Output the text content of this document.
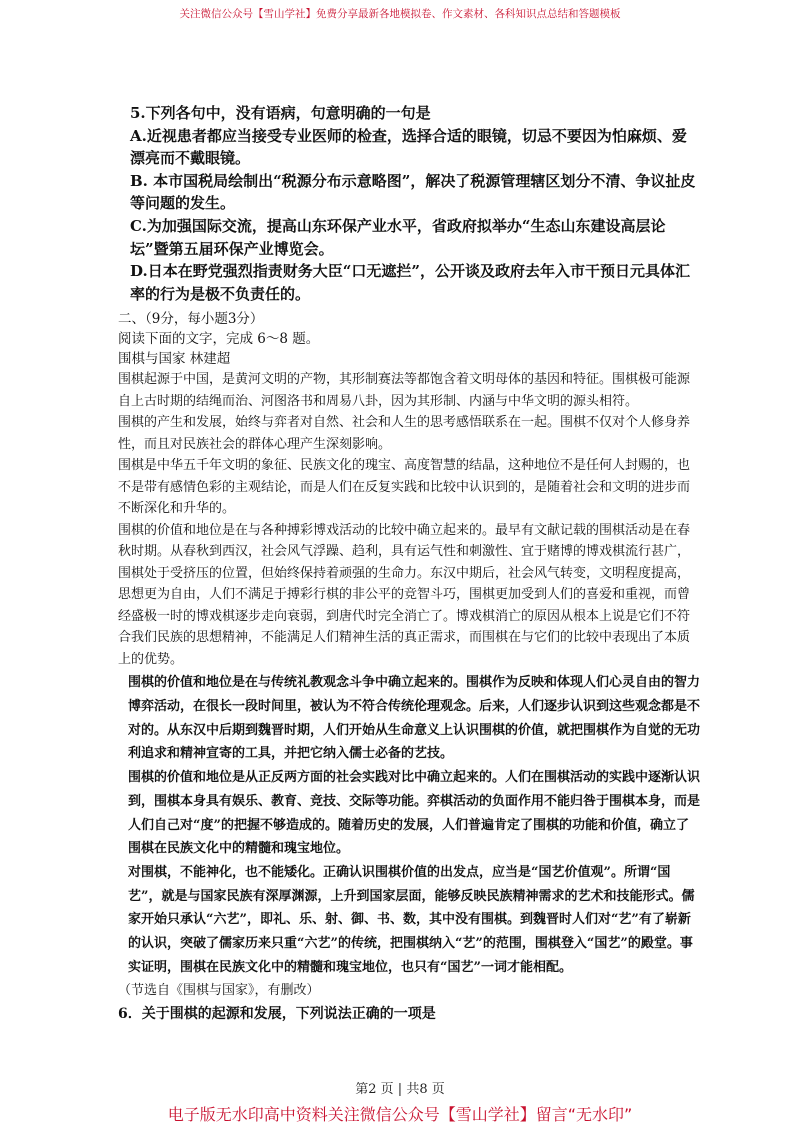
关注微信公众号【雪山学社】免费分享最新各地模拟卷、作文素材、各科知识点总结和答题模板

5.下列各句中，没有语病，句意明确的一句是

A.近视患者都应当接受专业医师的检查，选择合适的眼镜，切忌不要因为怕麻烦、爱漂亮而不戴眼镜。

B. 本市国税局绘制出“税源分布示意略图”，解决了税源管理辖区划分不清、争议扯皮等问题的发生。

C.为加强国际交流，提高山东环保产业水平，省政府拟举办“生态山东建设高层论坛”暨第五届环保产业博览会。

D.日本在野党强烈指责财务大臣“口无遮拦”，公开谈及政府去年入市干预日元具体汇率的行为是极不负责任的。

二、（9分，每小题3分）

阅读下面的文字，完成 6～8 题。

围棋与国家 林建超

围棋起源于中国，是黄河文明的产物，其形制赛法等都饱含着文明母体的基因和特征。围棋极可能源自上古时期的结绳而治、河图洛书和周易八卦，因为其形制、内涵与中华文明的源头相符。

围棋的产生和发展，始终与弈者对自然、社会和人生的思考感悟联系在一起。围棋不仅对个人修身养性，而且对民族社会的群体心理产生深刻影响。

围棋是中华五千年文明的象征、民族文化的瑰宝、高度智慧的结晶，这种地位不是任何人封赐的，也不是带有感情色彩的主观结论，而是人们在反复实践和比较中认识到的，是随着社会和文明的进步而不断深化和升华的。

围棋的价值和地位是在与各种搏彩博戏活动的比较中确立起来的。最早有文献记载的围棋活动是在春秋时期。从春秋到西汉，社会风气浮躁、趋利，具有运气性和刺激性、宜于赌博的博戏棋流行甚广，围棋处于受挤压的位置，但始终保持着顽强的生命力。东汉中期后，社会风气转变，文明程度提高，思想更为自由，人们不满足于搏彩行棋的非公平的竞智斗巧，围棋更加受到人们的喜爱和重视，而曾经盛极一时的博戏棋逐步走向衰弱，到唐代时完全消亡了。博戏棋消亡的原因从根本上说是它们不符合我们民族的思想精神，不能满足人们精神生活的真正需求，而围棋在与它们的比较中表现出了本质上的优势。

围棋的价值和地位是在与传统礼教观念斗争中确立起来的。围棋作为反映和体现人们心灵自由的智力博弈活动，在很长一段时间里，被认为不符合传统伦理观念。后来，人们逐步认识到这些观念都是不对的。从东汉中后期到魏晋时期，人们开始从生命意义上认识围棋的价值，就把围棋作为自觉的无功利追求和精神宣寄的工具，并把它纳入儒士必备的艺技。

围棋的价值和地位是从正反两方面的社会实践对比中确立起来的。人们在围棋活动的实践中逐渐认识到，围棋本身具有娱乐、教育、竞技、交际等功能。弈棋活动的负面作用不能归咎于围棋本身，而是人们自己对“度”的把握不够造成的。随着历史的发展，人们普遍肯定了围棋的功能和价值，确立了围棋在民族文化中的精髓和瑰宝地位。

对围棋，不能神化，也不能矮化。正确认识围棋价值的出发点，应当是“国艺价值观”。所谓“国艺”，就是与国家民族有深厚渊源，上升到国家层面，能够反映民族精神需求的艺术和技能形式。儒家开始只承认“六艺”，即礼、乐、射、御、书、数，其中没有围棋。到魏晋时人们对“艺”有了崭新的认识，突破了儒家历来只重“六艺”的传统，把围棋纳入“艺”的范围，围棋登入“国艺”的殿堂。事实证明，围棋在民族文化中的精髓和瑰宝地位，也只有“国艺”一词才能相配。

（节选自《围棋与国家》，有删改）

6．关于围棋的起源和发展，下列说法正确的一项是

第2 页 | 共8 页
电子版无水印高中资料关注微信公众号【雪山学社】留言“无水印”
